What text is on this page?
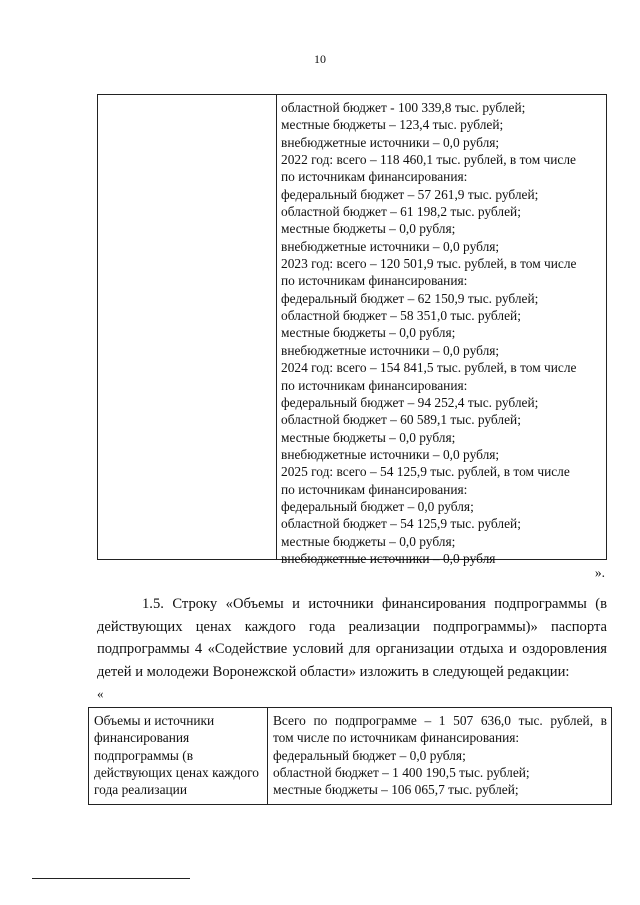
10
областной бюджет - 100 339,8 тыс. рублей;
местные бюджеты – 123,4 тыс. рублей;
внебюджетные источники – 0,0 рубля;
2022 год: всего – 118 460,1 тыс. рублей, в том числе
по источникам финансирования:
федеральный бюджет – 57 261,9 тыс. рублей;
областной бюджет – 61 198,2 тыс. рублей;
местные бюджеты – 0,0 рубля;
внебюджетные источники – 0,0 рубля;
2023 год: всего – 120 501,9 тыс. рублей, в том числе
по источникам финансирования:
федеральный бюджет – 62 150,9 тыс. рублей;
областной бюджет – 58 351,0 тыс. рублей;
местные бюджеты – 0,0 рубля;
внебюджетные источники – 0,0 рубля;
2024 год: всего – 154 841,5 тыс. рублей, в том числе
по источникам финансирования:
федеральный бюджет – 94 252,4 тыс. рублей;
областной бюджет – 60 589,1 тыс. рублей;
местные бюджеты – 0,0 рубля;
внебюджетные источники – 0,0 рубля;
2025 год: всего – 54 125,9 тыс. рублей, в том числе
по источникам финансирования:
федеральный бюджет – 0,0 рубля;
областной бюджет – 54 125,9 тыс. рублей;
местные бюджеты – 0,0 рубля;
внебюджетные источники – 0,0 рубля
».
1.5. Строку «Объемы и источники финансирования подпрограммы (в
действующих ценах каждого года реализации подпрограммы)» паспорта
подпрограммы 4 «Содействие условий для организации отдыха и оздоровления
детей и молодежи Воронежской области» изложить в следующей редакции:
«
Объемы и источники финансирования подпрограммы (в действующих ценах каждого года реализации
Всего по подпрограмме – 1 507 636,0 тыс. рублей, в
том числе по источникам финансирования:
федеральный бюджет – 0,0 рубля;
областной бюджет – 1 400 190,5 тыс. рублей;
местные бюджеты – 106 065,7 тыс. рублей;
